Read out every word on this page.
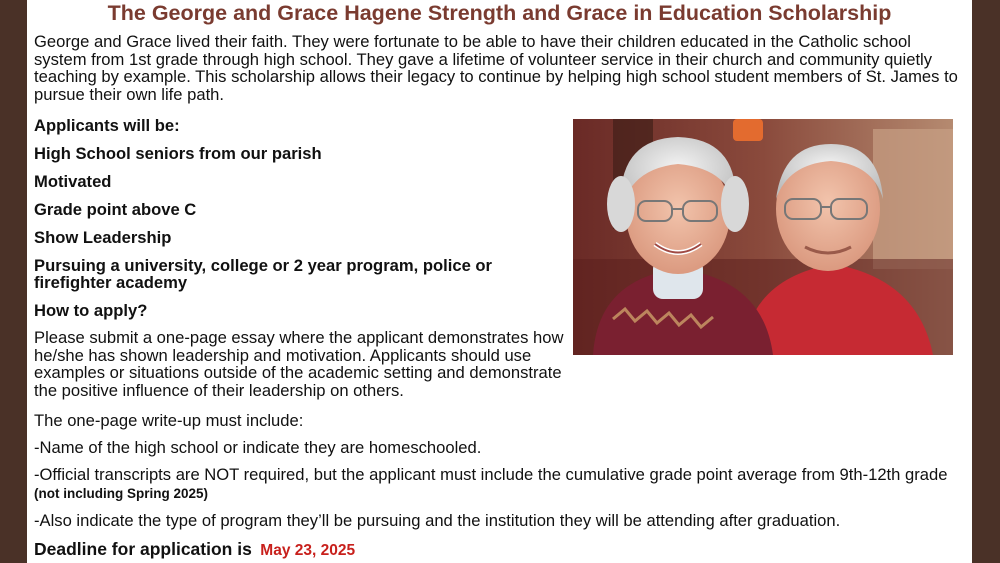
The George and Grace Hagene Strength and Grace in Education Scholarship
George and Grace lived their faith. They were fortunate to be able to have their children educated in the Catholic school system from 1st grade through high school. They gave a lifetime of volunteer service in their church and community quietly teaching by example. This scholarship allows their legacy to continue by helping high school student members of St. James to pursue their own life path.
Applicants will be:
High School seniors from our parish
Motivated
Grade point above C
Show Leadership
Pursuing a university, college or 2 year program, police or firefighter academy
How to apply?
Please submit a one-page essay where the applicant demonstrates how he/she has shown leadership and motivation. Applicants should use examples or situations outside of the academic setting and demonstrate the positive influence of their leadership on others.
The one-page write-up must include:
-Name of the high school or indicate they are homeschooled.
-Official transcripts are NOT required, but the applicant must include the cumulative grade point average from 9th-12th grade (not including Spring 2025)
-Also indicate the type of program they’ll be pursuing and the institution they will be attending after graduation.
Deadline for application is May 23, 2025
